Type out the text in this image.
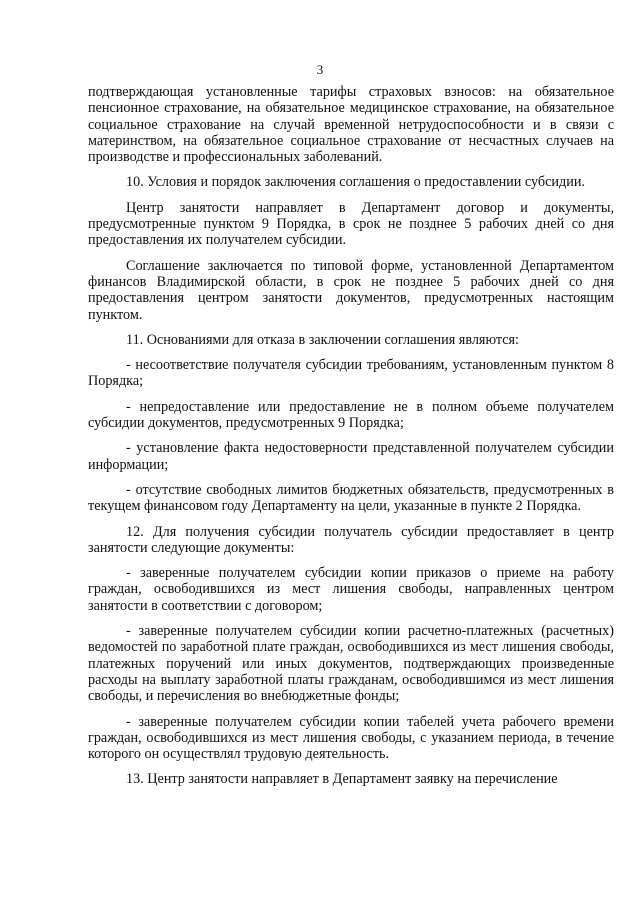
3

подтверждающая установленные тарифы страховых взносов: на обязательное пенсионное страхование, на обязательное медицинское страхование, на обязательное социальное страхование на случай временной нетрудоспособности и в связи с материнством, на обязательное социальное страхование от несчастных случаев на производстве и профессиональных заболеваний.

10. Условия и порядок заключения соглашения о предоставлении субсидии.

Центр занятости направляет в Департамент договор и документы, предусмотренные пунктом 9 Порядка, в срок не позднее 5 рабочих дней со дня предоставления их получателем субсидии.

Соглашение заключается по типовой форме, установленной Департаментом финансов Владимирской области, в срок не позднее 5 рабочих дней со дня предоставления центром занятости документов, предусмотренных настоящим пунктом.

11. Основаниями для отказа в заключении соглашения являются:

- несоответствие получателя субсидии требованиям, установленным пунктом 8 Порядка;

- непредоставление или предоставление не в полном объеме получателем субсидии документов, предусмотренных 9 Порядка;

- установление факта недостоверности представленной получателем субсидии информации;

- отсутствие свободных лимитов бюджетных обязательств, предусмотренных в текущем финансовом году Департаменту на цели, указанные в пункте 2 Порядка.

12. Для получения субсидии получатель субсидии предоставляет в центр занятости следующие документы:

- заверенные получателем субсидии копии приказов о приеме на работу граждан, освободившихся из мест лишения свободы, направленных центром занятости в соответствии с договором;

- заверенные получателем субсидии копии расчетно-платежных (расчетных) ведомостей по заработной плате граждан, освободившихся из мест лишения свободы, платежных поручений или иных документов, подтверждающих произведенные расходы на выплату заработной платы гражданам, освободившимся из мест лишения свободы, и перечисления во внебюджетные фонды;

- заверенные получателем субсидии копии табелей учета рабочего времени граждан, освободившихся из мест лишения свободы, с указанием периода, в течение которого он осуществлял трудовую деятельность.

13. Центр занятости направляет в Департамент заявку на перечисление
